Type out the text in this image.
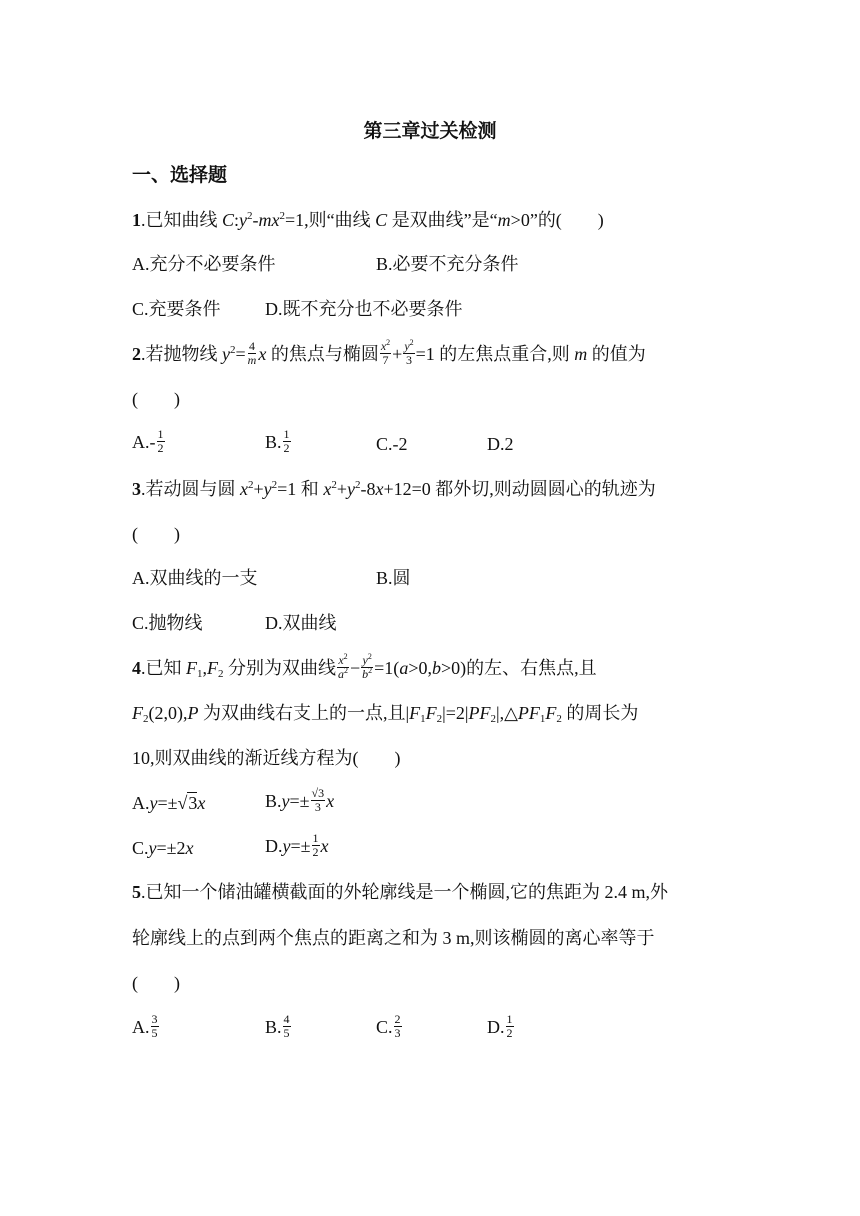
第三章过关检测
一、选择题
1.已知曲线 $C:y^2-mx^2=1$,则“曲线 C 是双曲线”是“m>0”的(　　)
A.充分不必要条件	B.必要不充分条件
C.充要条件 D.既不充分也不必要条件
2.若抛物线 $y^2= \frac{4}{m}$ x 的焦点与椭圆 $\frac{x^2}{7} + \frac{y^2}{3} =1$ 的左焦点重合,则 m 的值为
(　　)
$A.- \frac{1}{2}$	B. $\frac{1}{2}$	C.-2	D.2
3.若动圆与圆 $x^2+y^2=1$ 和 $x^2+y^2-8x+12=0$ 都外切,则动圆圆心的轨迹为
(　　)
A.双曲线的一支	B.圆
C.抛物线	D.双曲线
4.已知 $F_1,F_2$ 分别为双曲线 $\frac{x^2}{a^2} - \frac{y^2}{b^2} =1(a>0,b>0)$的左、右焦点,且
$F_2(2,0),P$ 为双曲线右支上的一点,且$|F_1F_2|=2|PF_2|,\triangle PF_1F_2$ 的周长为
10,则双曲线的渐近线方程为(　　)
A.y=±√3x	$B.y=\pm \frac{√3}{3}$ x
C.y=±2x	$D.y=\pm \frac{1}{2}$ x
5.已知一个储油罐横截面的外轮廓线是一个椭圆,它的焦距为 2.4 m,外
轮廓线上的点到两个焦点的距离之和为 3 m,则该椭圆的离心率等于
(　　)
A. $\frac{3}{5}$	B. $\frac{4}{5}$	C. $\frac{2}{3}$	D. $\frac{1}{2}$
